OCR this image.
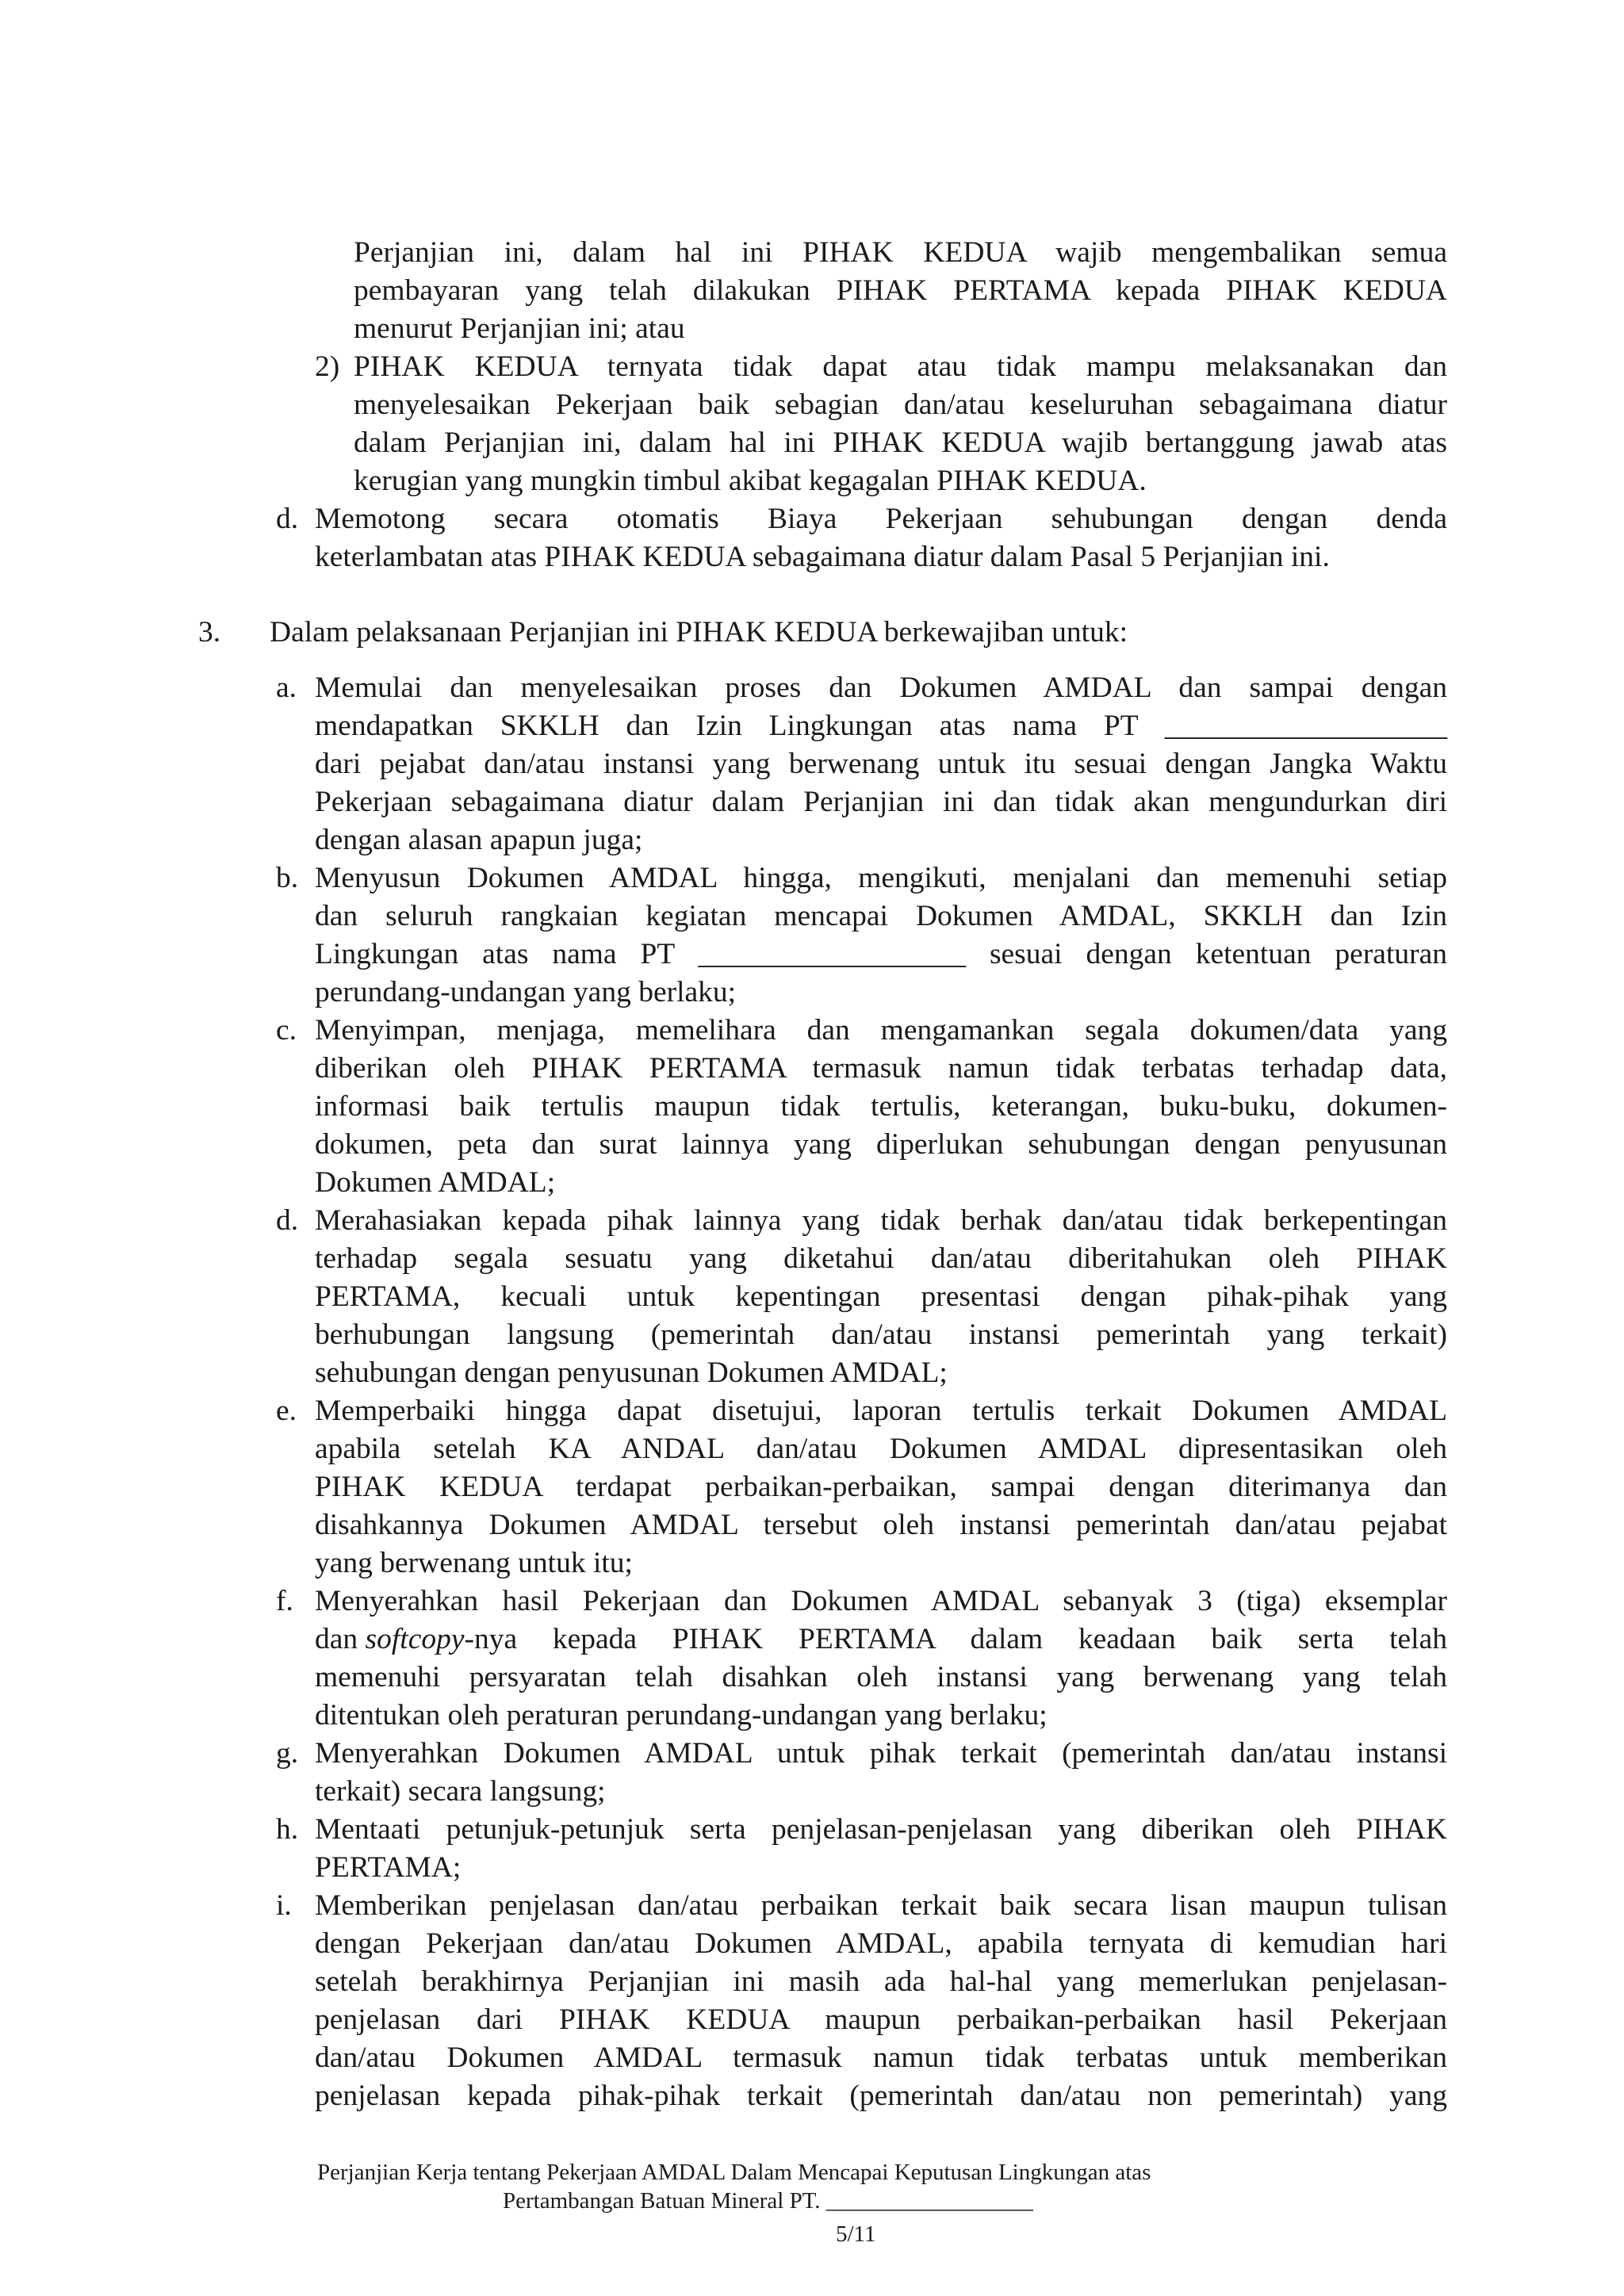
Perjanjian ini, dalam hal ini PIHAK KEDUA wajib mengembalikan semua

pembayaran yang telah dilakukan PIHAK PERTAMA kepada PIHAK KEDUA

menurut Perjanjian ini; atau

2) PIHAK KEDUA ternyata tidak dapat atau tidak mampu melaksanakan dan

menyelesaikan Pekerjaan baik sebagian dan/atau keseluruhan sebagaimana diatur

dalam Perjanjian ini, dalam hal ini PIHAK KEDUA wajib bertanggung jawab atas

kerugian yang mungkin timbul akibat kegagalan PIHAK KEDUA.

d. Memotong secara otomatis Biaya Pekerjaan sehubungan dengan denda

keterlambatan atas PIHAK KEDUA sebagaimana diatur dalam Pasal 5 Perjanjian ini.

3. Dalam pelaksanaan Perjanjian ini PIHAK KEDUA berkewajiban untuk:

a. Memulai dan menyelesaikan proses dan Dokumen AMDAL dan sampai dengan

mendapatkan SKKLH dan Izin Lingkungan atas nama PT ___________________

dari pejabat dan/atau instansi yang berwenang untuk itu sesuai dengan Jangka Waktu

Pekerjaan sebagaimana diatur dalam Perjanjian ini dan tidak akan mengundurkan diri

dengan alasan apapun juga;

b. Menyusun Dokumen AMDAL hingga, mengikuti, menjalani dan memenuhi setiap

dan seluruh rangkaian kegiatan mencapai Dokumen AMDAL, SKKLH dan Izin

Lingkungan atas nama PT __________________ sesuai dengan ketentuan peraturan

perundang-undangan yang berlaku;

c. Menyimpan, menjaga, memelihara dan mengamankan segala dokumen/data yang

diberikan oleh PIHAK PERTAMA termasuk namun tidak terbatas terhadap data,

informasi baik tertulis maupun tidak tertulis, keterangan, buku-buku, dokumen-

dokumen, peta dan surat lainnya yang diperlukan sehubungan dengan penyusunan

Dokumen AMDAL;

d. Merahasiakan kepada pihak lainnya yang tidak berhak dan/atau tidak berkepentingan

terhadap segala sesuatu yang diketahui dan/atau diberitahukan oleh PIHAK

PERTAMA, kecuali untuk kepentingan presentasi dengan pihak-pihak yang

berhubungan langsung (pemerintah dan/atau instansi pemerintah yang terkait)

sehubungan dengan penyusunan Dokumen AMDAL;

e. Memperbaiki hingga dapat disetujui, laporan tertulis terkait Dokumen AMDAL

apabila setelah KA ANDAL dan/atau Dokumen AMDAL dipresentasikan oleh

PIHAK KEDUA terdapat perbaikan-perbaikan, sampai dengan diterimanya dan

disahkannya Dokumen AMDAL tersebut oleh instansi pemerintah dan/atau pejabat

yang berwenang untuk itu;

f. Menyerahkan hasil Pekerjaan dan Dokumen AMDAL sebanyak 3 (tiga) eksemplar

dan softcopy -nya kepada PIHAK PERTAMA dalam keadaan baik serta telah

memenuhi persyaratan telah disahkan oleh instansi yang berwenang yang telah

ditentukan oleh peraturan perundang-undangan yang berlaku;

g. Menyerahkan Dokumen AMDAL untuk pihak terkait (pemerintah dan/atau instansi

terkait) secara langsung;

h. Mentaati petunjuk-petunjuk serta penjelasan-penjelasan yang diberikan oleh PIHAK

PERTAMA;

i. Memberikan penjelasan dan/atau perbaikan terkait baik secara lisan maupun tulisan

dengan Pekerjaan dan/atau Dokumen AMDAL, apabila ternyata di kemudian hari

setelah berakhirnya Perjanjian ini masih ada hal-hal yang memerlukan penjelasan-

penjelasan dari PIHAK KEDUA maupun perbaikan-perbaikan hasil Pekerjaan

dan/atau Dokumen AMDAL termasuk namun tidak terbatas untuk memberikan

penjelasan kepada pihak-pihak terkait (pemerintah dan/atau non pemerintah) yang

Perjanjian Kerja tentang Pekerjaan AMDAL Dalam Mencapai Keputusan Lingkungan atas
Pertambangan Batuan Mineral PT. __________________
5/11
